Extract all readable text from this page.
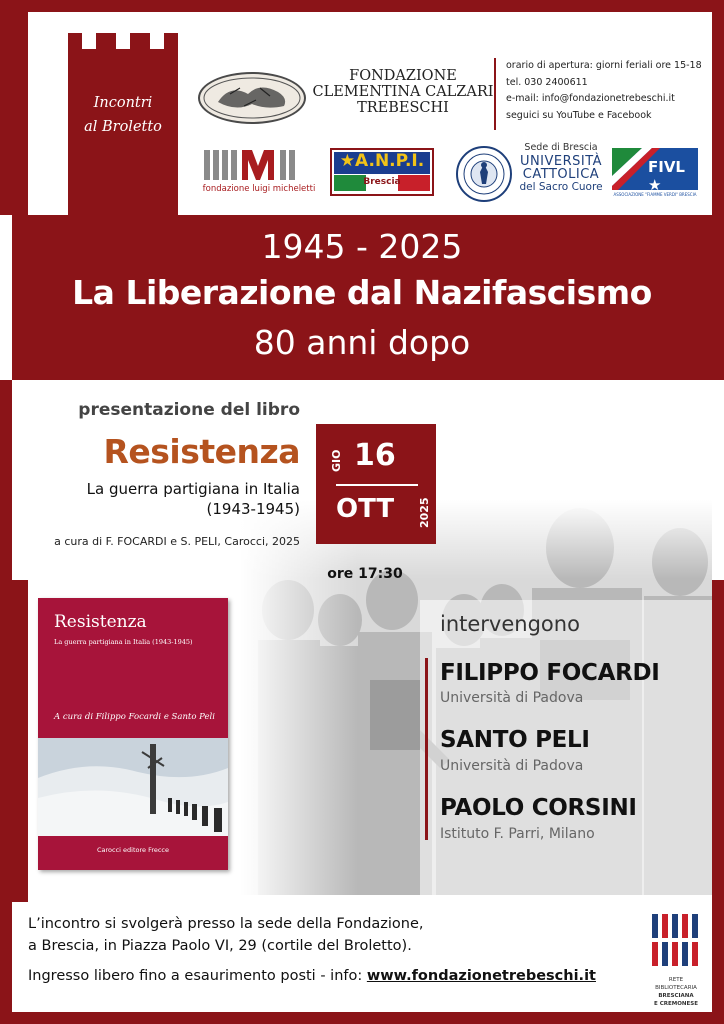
Incontri
al Broletto
FONDAZIONE
CLEMENTINA CALZARI
TREBESCHI
orario di apertura: giorni feriali ore 15-18
tel. 030 2400611
e-mail: info@fondazionetrebeschi.it
seguici su YouTube e Facebook
fondazione luigi micheletti
★A.N.P.I.
Brescia
Sede di Brescia
UNIVERSITÀ
CATTOLICA
del Sacro Cuore
FIVL ★
ASSOCIAZIONE "FIAMME VERDI" BRESCIA
1945 - 2025
La Liberazione dal Nazifascismo
80 anni dopo
presentazione del libro
Resistenza
La guerra partigiana in Italia
(1943-1945)
a cura di F. FOCARDI e S. PELI, Carocci, 2025
GIO 16
OTT 2025
ore 17:30
Resistenza
La guerra partigiana in Italia (1943-1945)
A cura di Filippo Focardi e Santo Peli
Carocci editore Frecce
intervengono
FILIPPO FOCARDI
Università di Padova
SANTO PELI
Università di Padova
PAOLO CORSINI
Istituto F. Parri, Milano
L’incontro si svolgerà presso la sede della Fondazione,
a Brescia, in Piazza Paolo VI, 29 (cortile del Broletto).
Ingresso libero fino a esaurimento posti - info: www.fondazionetrebeschi.it	RETE BIBLIOTECARIA
BRESCIANA
E CREMONESE
